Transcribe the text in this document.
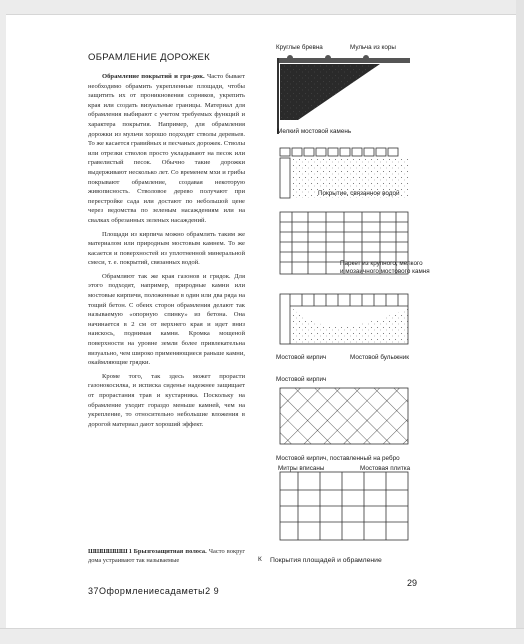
ОБРАМЛЕНИЕ ДОРОЖЕК

Обрамление покрытий и гря-док. Часто бывает необходимо обрамить укрепленные площади, чтобы защитить их от проникновения сорняков, укрепить края или создать визуальные границы. Материал для обрамления выбирают с учетом требуемых функций и характера покрытия. Например, для обрамления дорожки из мульчи хорошо подходят стволы деревьев. То же касается гравийных и песчаных дорожек. Стволы или отрезки стволов просто укладывают на песок или гравелистый песок. Обычно такие дорожки выдерживают несколько лет. Со временем мхи и грибы покрывают обрамление, создавая некоторую живописность. Стволовое дерево получают при перестройке сада или достают по небольшой цене через ведомства по зеленым насаждениям или на свалках обрезанных зеленых насаждений.

Площади из кирпича можно обрамлять таким же материалом или природным мостовым камнем. То же касается и поверхностей из уплотненной минеральной смеси, т. е. покрытий, связанных водой.

Обрамляют так же края газонов и грядок. Для этого подходят, например, природные камни или мостовые кирпичи, положенные в один или два ряда на тощий бетон. С обеих сторон обрамления делают так называемую «опорную спинку» из бетона. Она начинается в 2 см от верхнего края и идет вниз наискось, поднимая камни. Кромка мощеной поверхности на уровне земли более привлекательна визуально, чем широко применяющиеся раньше камни, окаймляющие грядки.

Кроме того, так здесь может прорасти газонокосилка, и исписка сиденье надежнее защищает от прорастания трав и кустарника. Поскольку на обрамление уходит гораздо меньше камней, чем на укрепление, то относительно небольшие вложения в дорогой материал дают хороший эффект.

ШШШШШШ 1 Брызгозащитная полоса. Часто вокруг дома устраивают так называемые
Круглые бревна	Мульча из коры
Мелкий мостовой камень
Покрытие, связанное водой
Паркет из крупного, мелкого
и мозаичного мостового камня
Мостовой кирпич	Мостовой булыжник
Мостовой кирпич
Мостовой кирпич, поставленный на ребро
Митры вписаны	Мостовая плитка
К Покрытия площадей и обрамление
29
37Оформлениесадаметы2 9
